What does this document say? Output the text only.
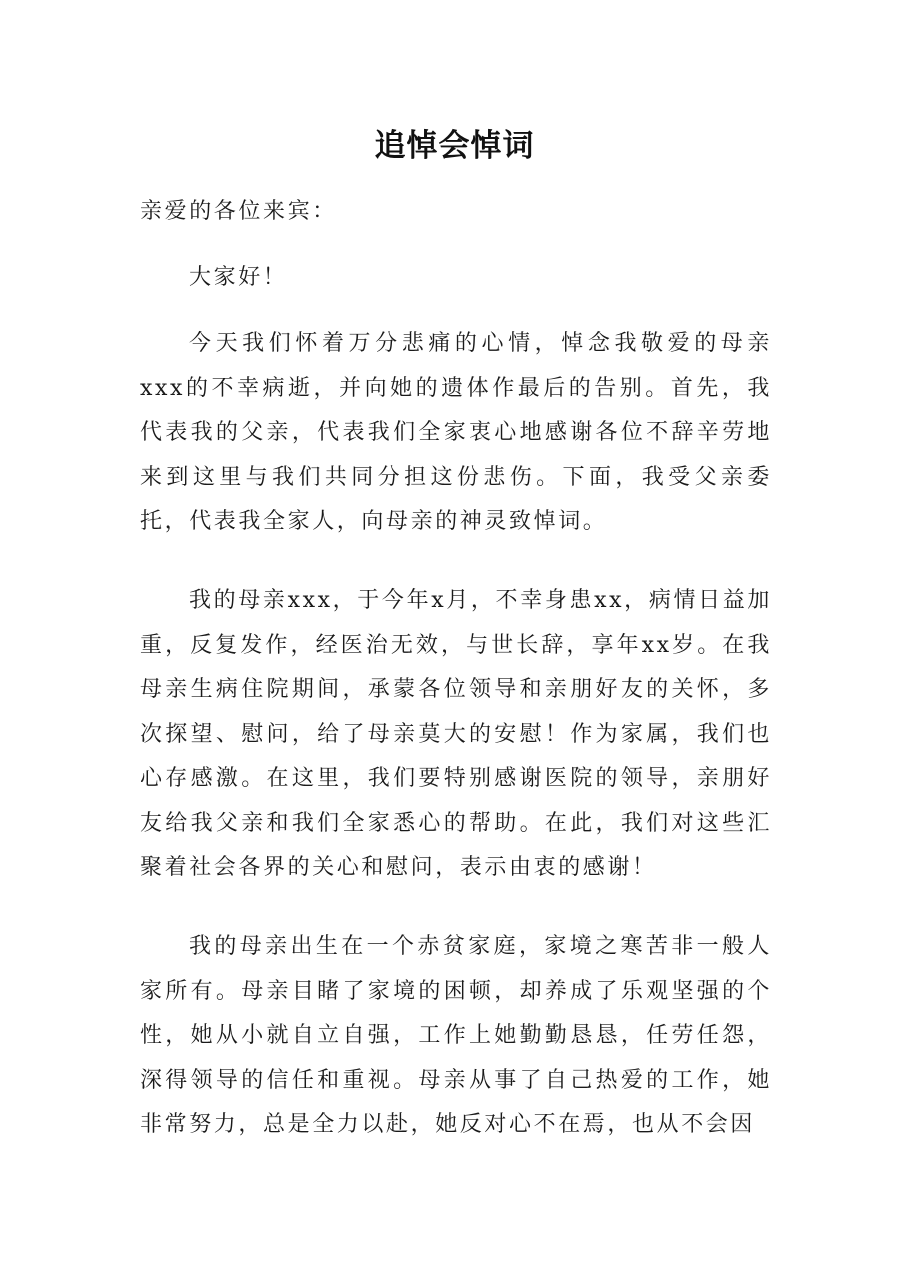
追悼会悼词

亲爱的各位来宾：

大家好！

今天我们怀着万分悲痛的心情，悼念我敬爱的母亲xxx的不幸病逝，并向她的遗体作最后的告别。首先，我代表我的父亲，代表我们全家衷心地感谢各位不辞辛劳地来到这里与我们共同分担这份悲伤。下面，我受父亲委托，代表我全家人，向母亲的神灵致悼词。

我的母亲xxx，于今年x月，不幸身患xx，病情日益加重，反复发作，经医治无效，与世长辞，享年xx岁。在我母亲生病住院期间，承蒙各位领导和亲朋好友的关怀，多次探望、慰问，给了母亲莫大的安慰！作为家属，我们也心存感激。在这里，我们要特别感谢医院的领导，亲朋好友给我父亲和我们全家悉心的帮助。在此，我们对这些汇聚着社会各界的关心和慰问，表示由衷的感谢！

我的母亲出生在一个赤贫家庭，家境之寒苦非一般人家所有。母亲目睹了家境的困顿，却养成了乐观坚强的个性，她从小就自立自强，工作上她勤勤恳恳，任劳任怨，深得领导的信任和重视。母亲从事了自己热爱的工作，她非常努力，总是全力以赴，她反对心不在焉，也从不会因
